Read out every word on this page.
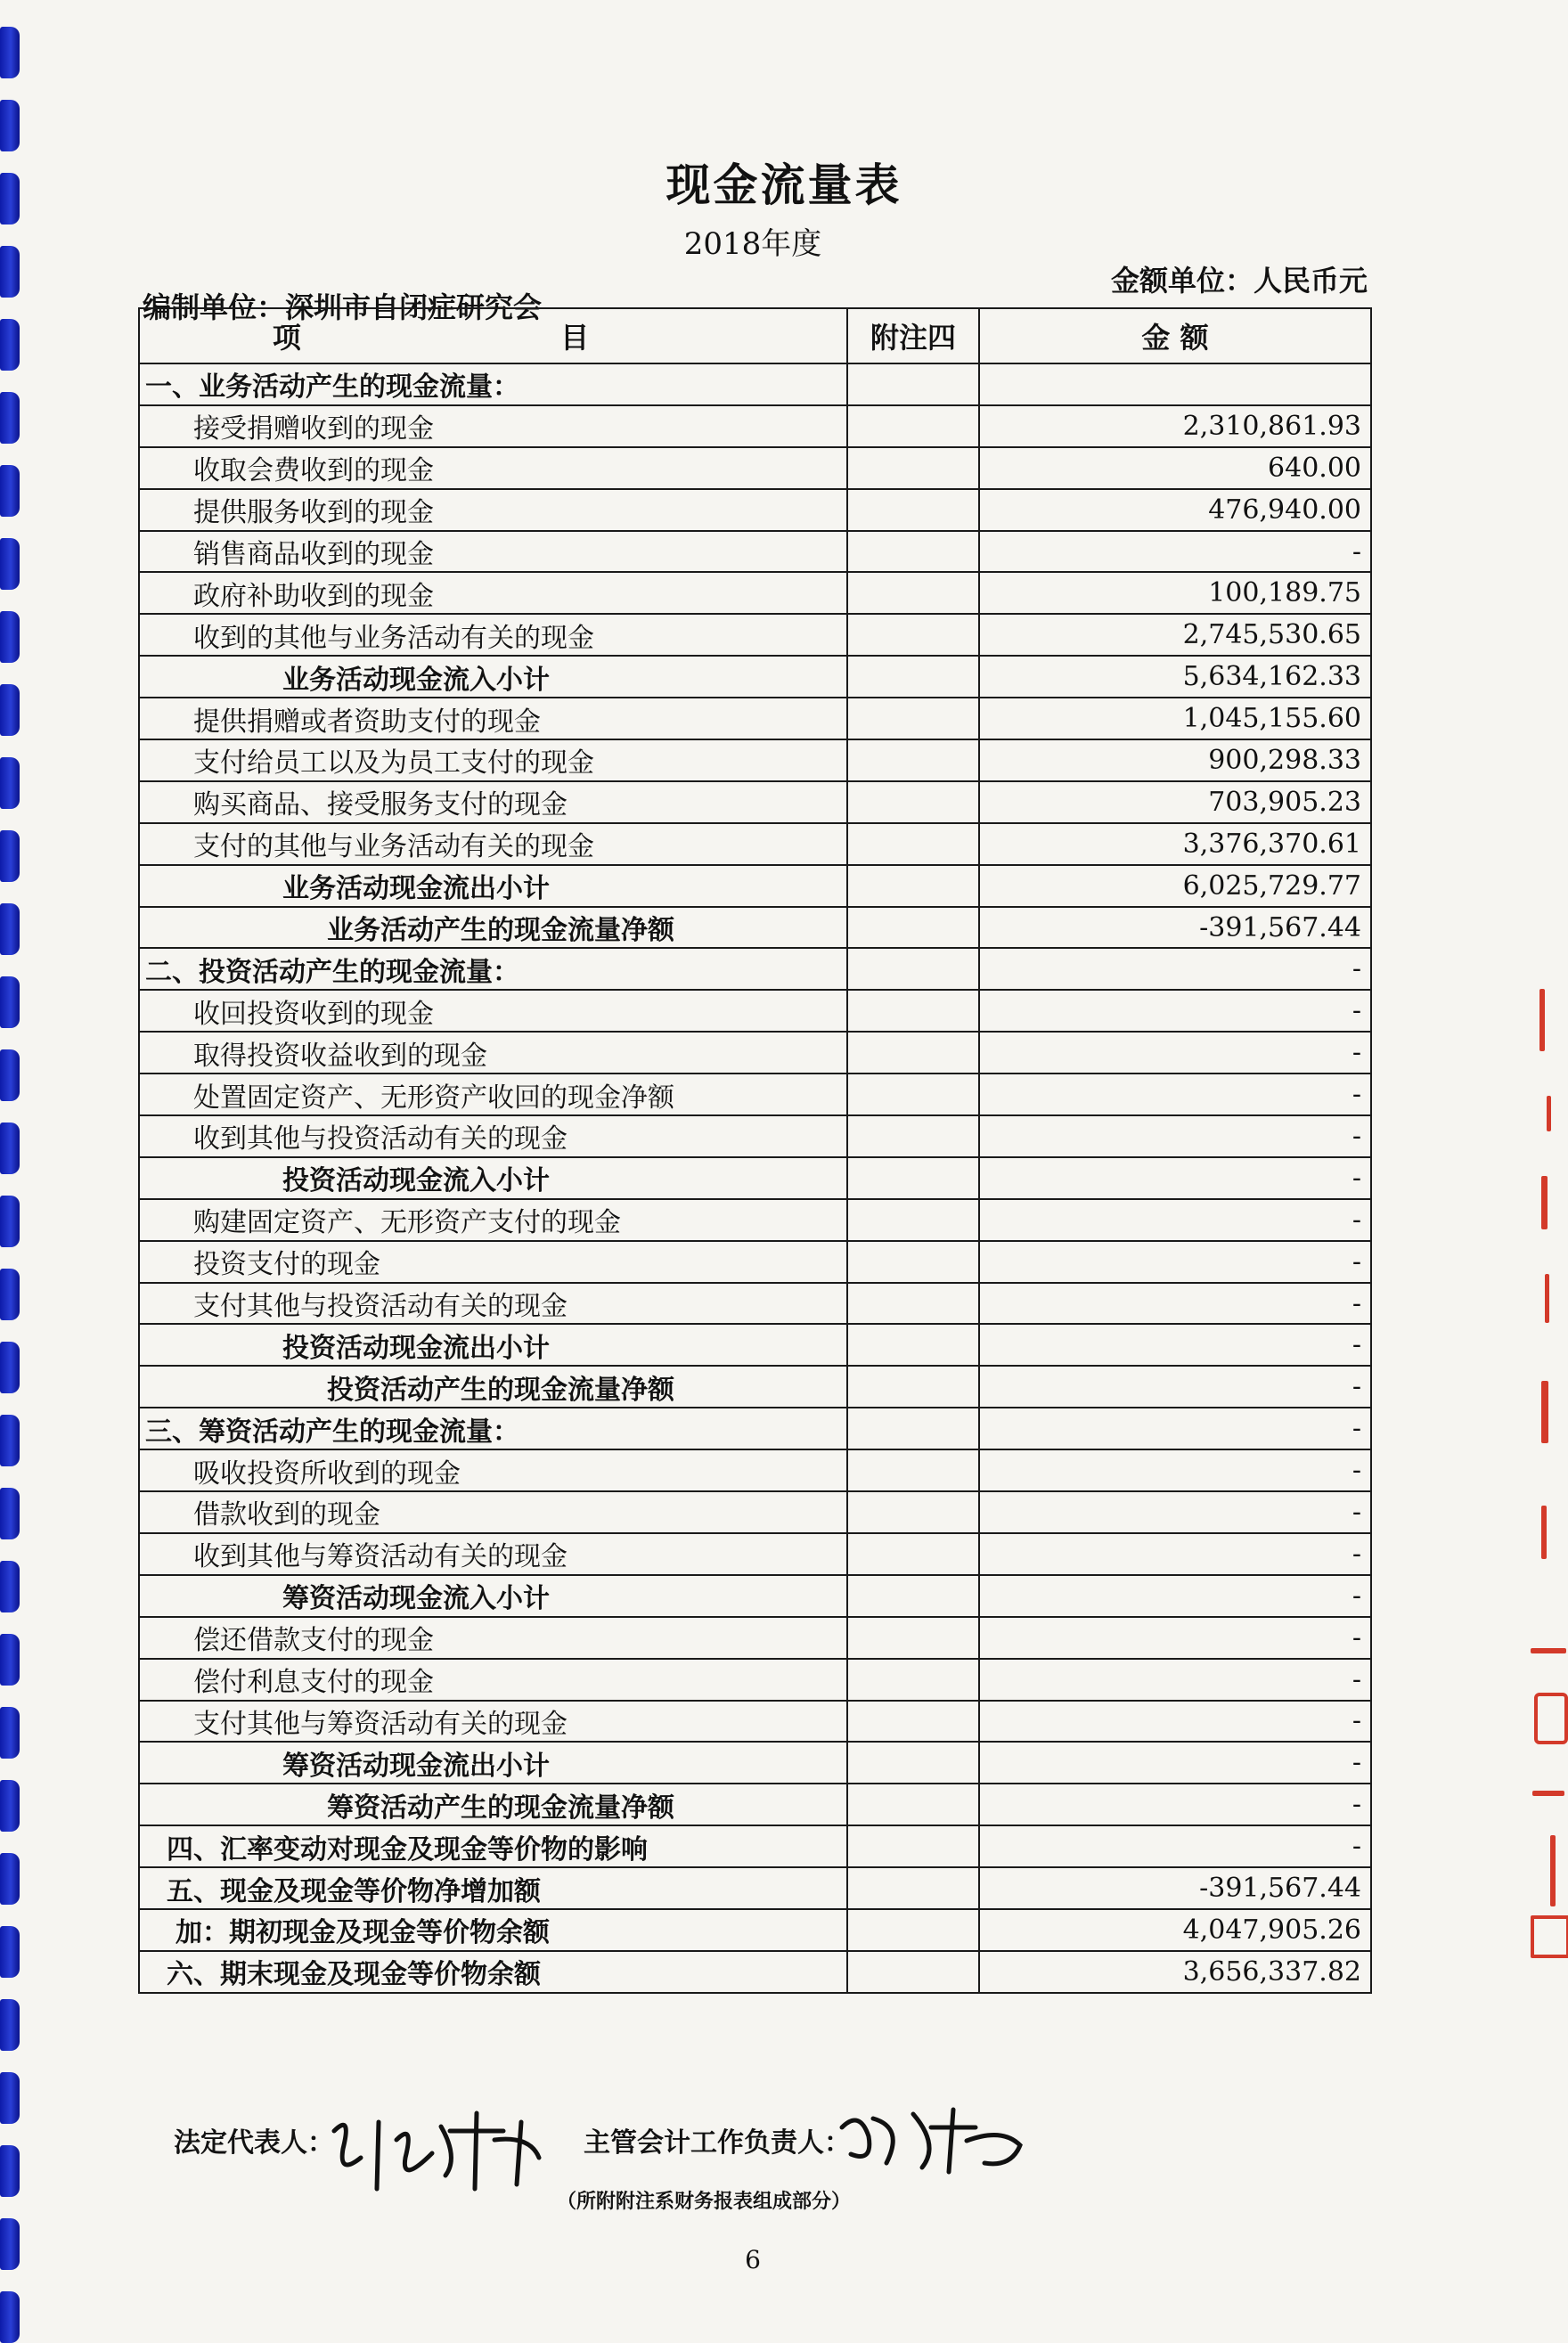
现金流量表
2018年度
金额单位：人民币元
编制单位：深圳市自闭症研究会
项 目	附注四	金 额
一、业务活动产生的现金流量：		
接受捐赠收到的现金		2,310,861.93
收取会费收到的现金		640.00
提供服务收到的现金		476,940.00
销售商品收到的现金		-
政府补助收到的现金		100,189.75
收到的其他与业务活动有关的现金		2,745,530.65
业务活动现金流入小计		5,634,162.33
提供捐赠或者资助支付的现金		1,045,155.60
支付给员工以及为员工支付的现金		900,298.33
购买商品、接受服务支付的现金		703,905.23
支付的其他与业务活动有关的现金		3,376,370.61
业务活动现金流出小计		6,025,729.77
业务活动产生的现金流量净额		-391,567.44
二、投资活动产生的现金流量：		-
收回投资收到的现金		-
取得投资收益收到的现金		-
处置固定资产、无形资产收回的现金净额		-
收到其他与投资活动有关的现金		-
投资活动现金流入小计		-
购建固定资产、无形资产支付的现金		-
投资支付的现金		-
支付其他与投资活动有关的现金		-
投资活动现金流出小计		-
投资活动产生的现金流量净额		-
三、筹资活动产生的现金流量：		-
吸收投资所收到的现金		-
借款收到的现金		-
收到其他与筹资活动有关的现金		-
筹资活动现金流入小计		-
偿还借款支付的现金		-
偿付利息支付的现金		-
支付其他与筹资活动有关的现金		-
筹资活动现金流出小计		-
筹资活动产生的现金流量净额		-
四、汇率变动对现金及现金等价物的影响		-
五、现金及现金等价物净增加额		-391,567.44
加：期初现金及现金等价物余额		4,047,905.26
六、期末现金及现金等价物余额		3,656,337.82
法定代表人：	主管会计工作负责人：
（所附附注系财务报表组成部分）
6
